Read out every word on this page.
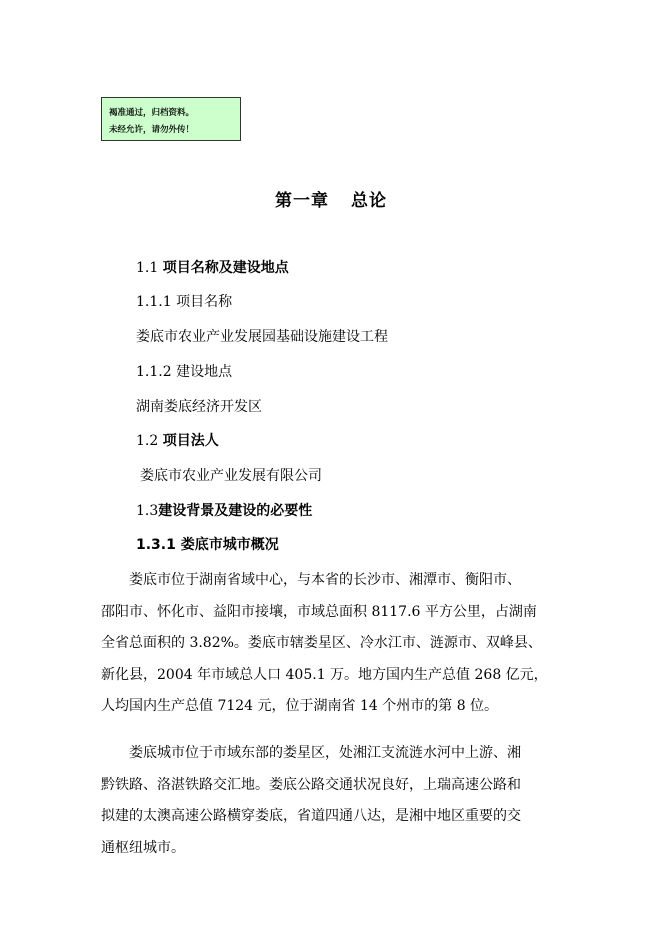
褐准通过，归档资料。
未经允许，请勿外传！
第一章 总论
1.1 项目名称及建设地点
1.1.1 项目名称
娄底市农业产业发展园基础设施建设工程
1.1.2 建设地点
湖南娄底经济开发区
1.2 项目法人
娄底市农业产业发展有限公司
1.3建设背景及建设的必要性
1.3.1 娄底市城市概况
娄底市位于湖南省域中心，与本省的长沙市、湘潭市、衡阳市、
邵阳市、怀化市、益阳市接壤，市域总面积 8117.6 平方公里，占湖南
全省总面积的 3.82%。娄底市辖娄星区、冷水江市、涟源市、双峰县、
新化县，2004 年市域总人口 405.1 万。地方国内生产总值 268 亿元，
人均国内生产总值 7124 元，位于湖南省 14 个州市的第 8 位。
娄底城市位于市域东部的娄星区，处湘江支流涟水河中上游、湘
黔铁路、洛湛铁路交汇地。娄底公路交通状况良好，上瑞高速公路和
拟建的太澳高速公路横穿娄底，省道四通八达，是湘中地区重要的交
通枢纽城市。
